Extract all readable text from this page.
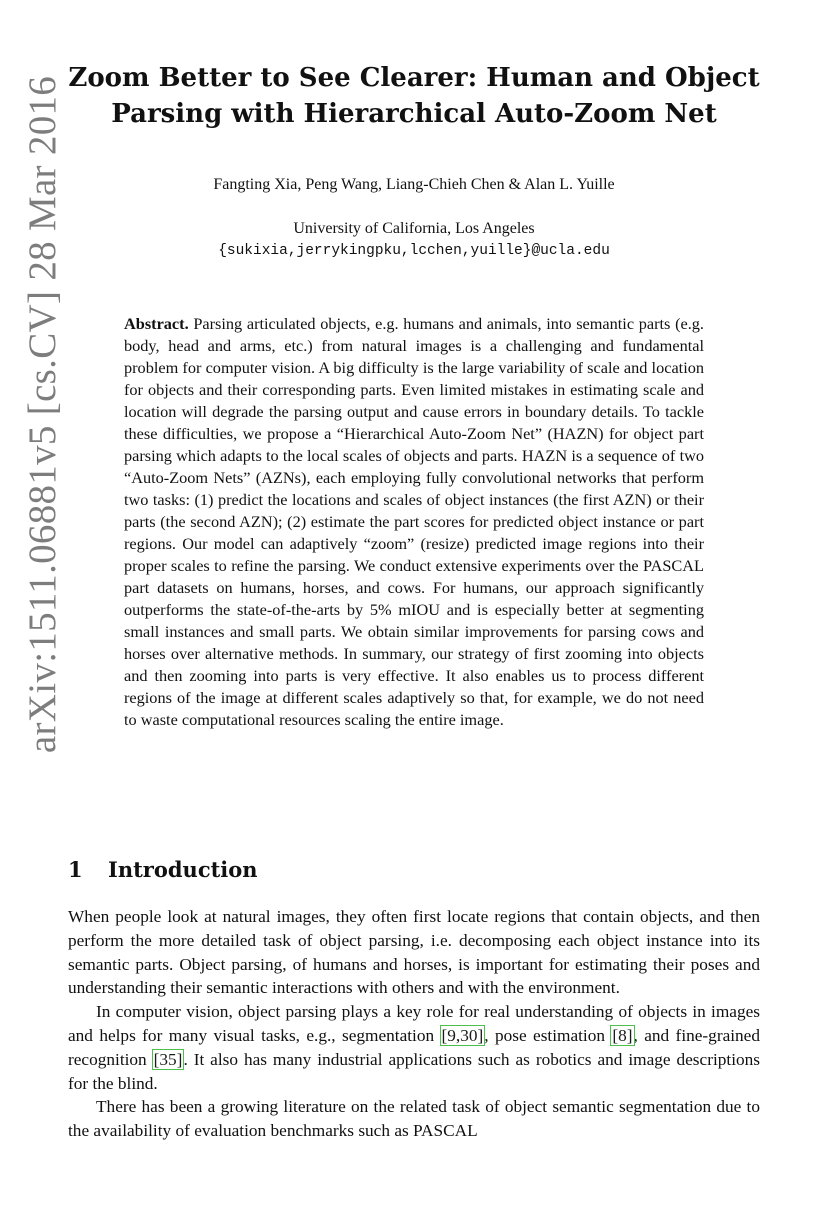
arXiv:1511.06881v5 [cs.CV] 28 Mar 2016 Zoom Better to See Clearer: Human and Object
Parsing with Hierarchical Auto-Zoom Net
Fangting Xia, Peng Wang, Liang-Chieh Chen & Alan L. Yuille
University of California, Los Angeles
{sukixia,jerrykingpku,lcchen,yuille}@ucla.edu

Abstract. Parsing articulated objects, e.g. humans and animals, into semantic parts (e.g. body, head and arms, etc.) from natural images is a challenging and fundamental problem for computer vision. A big difficulty is the large variability of scale and location for objects and their corresponding parts. Even limited mistakes in estimating scale and location will degrade the parsing output and cause errors in boundary details. To tackle these difficulties, we propose a “Hierarchical Auto-Zoom Net” (HAZN) for object part parsing which adapts to the local scales of objects and parts. HAZN is a sequence of two “Auto-Zoom Nets” (AZNs), each employing fully convolutional networks that perform two tasks: (1) predict the locations and scales of object instances (the first AZN) or their parts (the second AZN); (2) estimate the part scores for predicted object instance or part regions. Our model can adaptively “zoom” (resize) predicted image regions into their proper scales to refine the parsing. We conduct extensive experiments over the PASCAL part datasets on humans, horses, and cows. For humans, our approach significantly outperforms the state-of-the-arts by 5% mIOU and is especially better at segmenting small instances and small parts. We obtain similar improvements for parsing cows and horses over alternative methods. In summary, our strategy of first zooming into objects and then zooming into parts is very effective. It also enables us to process different regions of the image at different scales adaptively so that, for example, we do not need to waste computational resources scaling the entire image.

1 Introduction

When people look at natural images, they often first locate regions that contain objects, and then perform the more detailed task of object parsing, i.e. decomposing each object instance into its semantic parts. Object parsing, of humans and horses, is important for estimating their poses and understanding their semantic interactions with others and with the environment.

In computer vision, object parsing plays a key role for real understanding of objects in images and helps for many visual tasks, e.g., segmentation [9,30], pose estimation [8], and fine-grained recognition [35]. It also has many industrial applications such as robotics and image descriptions for the blind.

There has been a growing literature on the related task of object semantic segmentation due to the availability of evaluation benchmarks such as PASCAL
